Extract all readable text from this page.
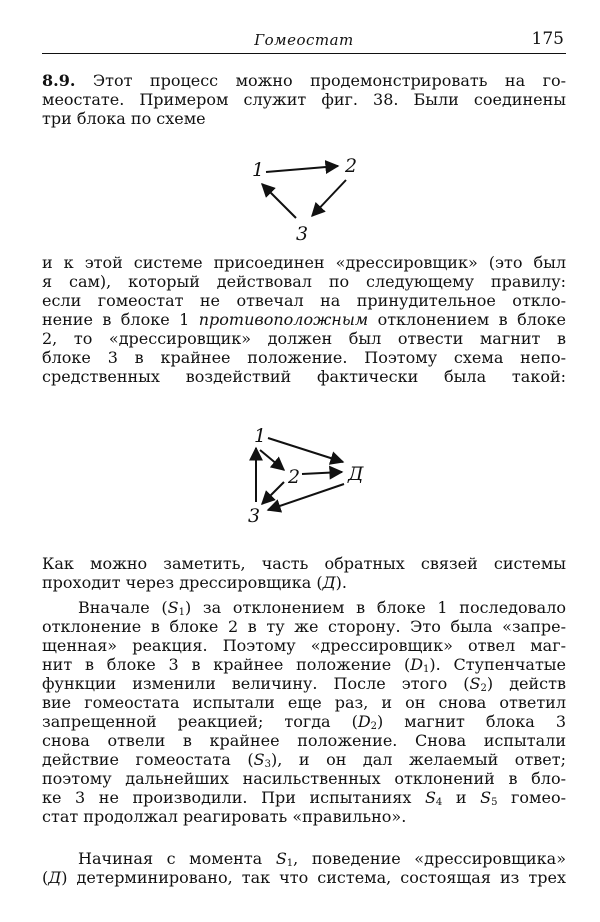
Гомеостат	175
8.9. Этот процесс можно продемонстрировать на го-
меостате. Примером служит фиг. 38. Были соединены
три блока по схеме
1	2
3
и к этой системе присоединен «дрессировщик» (это был
я сам), который действовал по следующему правилу:
если гомеостат не отвечал на принудительное откло-
нение в блоке 1 противоположным отклонением в блоке
2, то «дрессировщик» должен был отвести магнит в
блоке 3 в крайнее положение. Поэтому схема непо-
средственных воздействий фактически была такой:
1
2	Д
3
Как можно заметить, часть обратных связей системы
проходит через дрессировщика (Д).
Вначале $(S_1)$ за отклонением в блоке 1 последовало
отклонение в блоке 2 в ту же сторону. Это была «запре-
щенная» реакция. Поэтому «дрессировщик» отвел маг-
нит в блоке 3 в крайнее положение $(D_1)$. Ступенчатые
функции изменили величину. После этого $(S_2)$ действ
вие гомеостата испытали еще раз, и он снова ответил
запрещенной реакцией; тогда $(D_2)$ магнит блока 3
снова отвели в крайнее положение. Снова испытали
действие гомеостата $(S_3)$, и он дал желаемый ответ;
поэтому дальнейших насильственных отклонений в бло-
ке 3 не производили. При испытаниях $S_4$ и $S_5$ гомео-
стат продолжал реагировать «правильно».
Начиная с момента $S_1$, поведение «дрессировщика»
(Д) детерминировано, так что система, состоящая из трех
